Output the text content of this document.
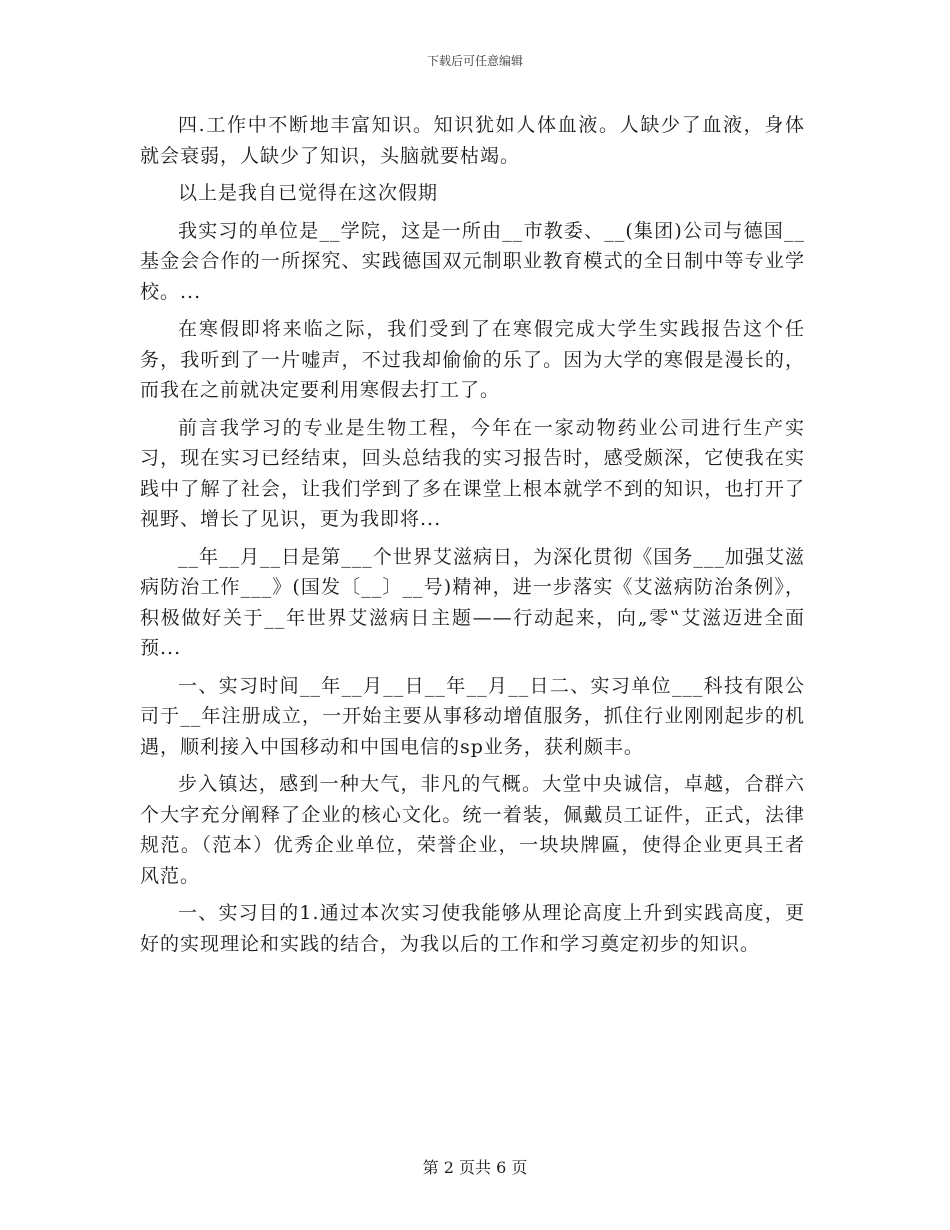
下载后可任意编辑

四.工作中不断地丰富知识。知识犹如人体血液。人缺少了血液，身体就会衰弱，人缺少了知识，头脑就要枯竭。

以上是我自已觉得在这次假期

我实习的单位是__学院，这是一所由__市教委、__(集团)公司与德国__基金会合作的一所探究、实践德国双元制职业教育模式的全日制中等专业学校。...

在寒假即将来临之际，我们受到了在寒假完成大学生实践报告这个任务，我听到了一片嘘声，不过我却偷偷的乐了。因为大学的寒假是漫长的，而我在之前就决定要利用寒假去打工了。

前言我学习的专业是生物工程，今年在一家动物药业公司进行生产实习，现在实习已经结束，回头总结我的实习报告时，感受颇深，它使我在实践中了解了社会，让我们学到了多在课堂上根本就学不到的知识，也打开了视野、增长了见识，更为我即将...

__年__月__日是第___个世界艾滋病日，为深化贯彻《国务___加强艾滋病防治工作___》(国发〔__〕__号)精神，进一步落实《艾滋病防治条例》，积极做好关于__年世界艾滋病日主题——行动起来，向„零‟艾滋迈进全面预...

一、实习时间__年__月__日__年__月__日二、实习单位___科技有限公司于__年注册成立，一开始主要从事移动增值服务，抓住行业刚刚起步的机遇，顺利接入中国移动和中国电信的sp业务，获利颇丰。

步入镇达，感到一种大气，非凡的气概。大堂中央诚信，卓越，合群六个大字充分阐释了企业的核心文化。统一着装，佩戴员工证件，正式，法律规范。（范本）优秀企业单位，荣誉企业，一块块牌匾，使得企业更具王者风范。

一、实习目的1.通过本次实习使我能够从理论高度上升到实践高度，更好的实现理论和实践的结合，为我以后的工作和学习奠定初步的知识。

第 2 页共 6 页
